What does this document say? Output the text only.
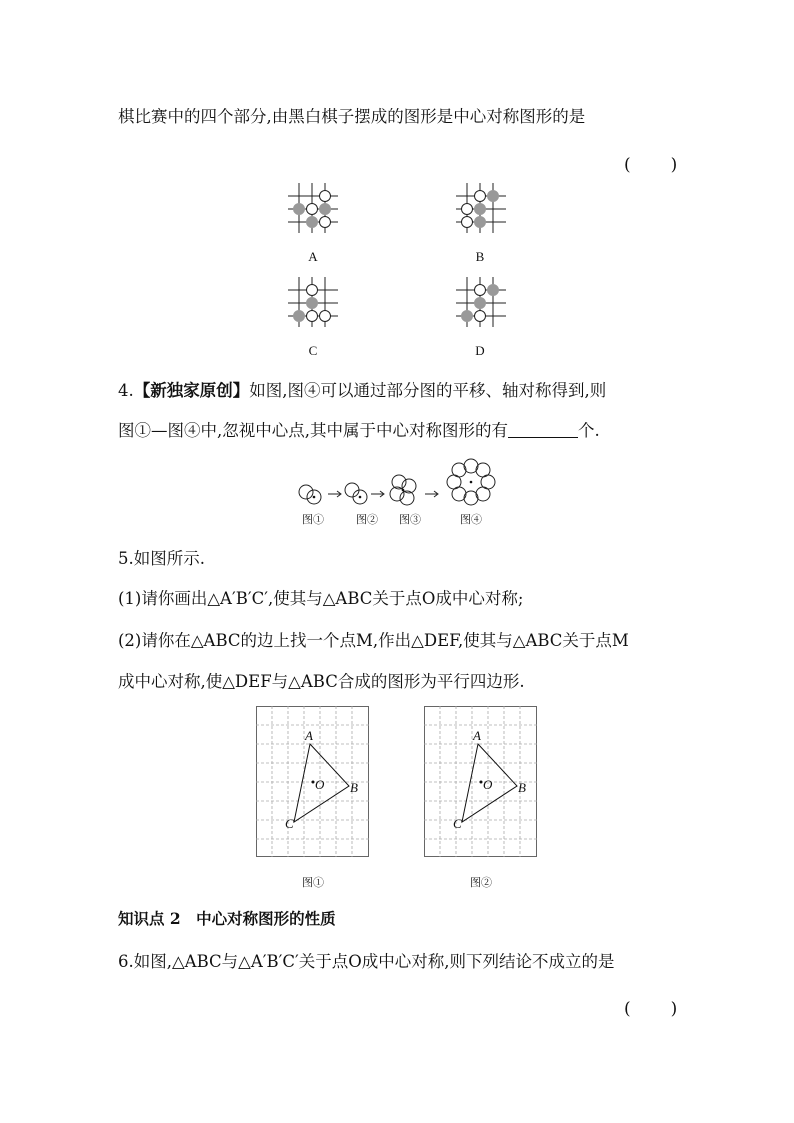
棋比赛中的四个部分,由黑白棋子摆成的图形是中心对称图形的是
(　　)
A	B
C	D
4.【新独家原创】如图,图④可以通过部分图的平移、轴对称得到,则
图①—图④中,忽视中心点,其中属于中心对称图形的有	个.
图①	图②	图③	图④
5.如图所示.
(1)请你画出△A′B′C′,使其与△ABC关于点O成中心对称;
(2)请你在△ABC的边上找一个点M,作出△DEF,使其与△ABC关于点M
成中心对称,使△DEF与△ABC合成的图形为平行四边形.
A
B
C
O
图①
A
B
C
O
图②
知识点 2　中心对称图形的性质
6.如图,△ABC与△A′B′C′关于点O成中心对称,则下列结论不成立的是
(　　)
